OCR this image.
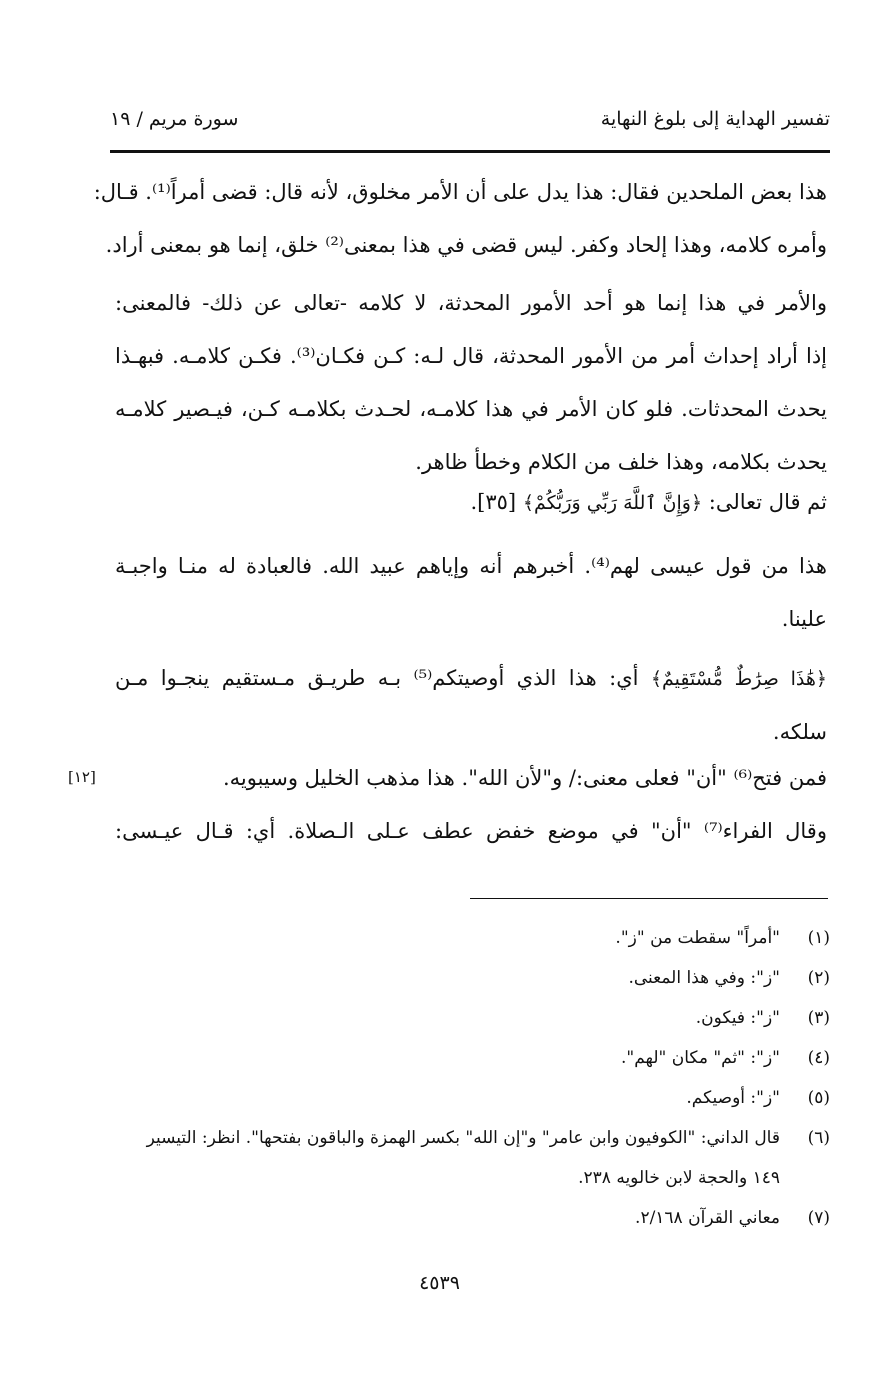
تفسير الهداية إلى بلوغ النهاية
سورة مريم / ١٩
هذا بعض الملحدين فقال: هذا يدل على أن الأمر مخلوق، لأنه قال: قضى أمراً⁽¹⁾. قـال:
وأمره كلامه، وهذا إلحاد وكفر. ليس قضى في هذا بمعنى⁽²⁾ خلق، إنما هو بمعنى أراد.
والأمر في هذا إنما هو أحد الأمور المحدثة، لا كلامه -تعالى عن ذلك- فالمعنى:
إذا أراد إحداث أمر من الأمور المحدثة، قال لـه: كـن فكـان⁽³⁾. فكـن كلامـه. فبهـذا
يحدث المحدثات. فلو كان الأمر في هذا كلامـه، لحـدث بكلامـه كـن، فيـصير كلامـه
يحدث بكلامه، وهذا خلف من الكلام وخطأ ظاهر.
ثم قال تعالى: ﴿وَإِنَّ ٱللَّهَ رَبِّي وَرَبُّكُمْ﴾ [٣٥].
هذا من قول عيسى لهم⁽⁴⁾. أخبرهم أنه وإياهم عبيد الله. فالعبادة له منـا واجبـة
علينا.
﴿هَٰذَا صِرَٰطٌ مُّسْتَقِيمٌ﴾ أي: هذا الذي أوصيتكم⁽⁵⁾ بـه طريـق مـستقيم ينجـوا مـن
سلكه.
فمن فتح⁽⁶⁾ "أن" فعلى معنى:/ و"لأن الله". هذا مذهب الخليل وسيبويه.
وقال الفراء⁽⁷⁾ "أن" في موضع خفض عطف عـلى الـصلاة. أي: قـال عيـسى:
[١٢]
(١)
"أمراً" سقطت من "ز".
(٢)
"ز": وفي هذا المعنى.
(٣)
"ز": فيكون.
(٤)
"ز": "ثم" مكان "لهم".
(٥)
"ز": أوصيكم.
(٦)
قال الداني: "الكوفيون وابن عامر" و"إن الله" بكسر الهمزة والباقون بفتحها". انظر: التيسير
١٤٩ والحجة لابن خالويه ٢٣٨.
(٧)
معاني القرآن ٢/١٦٨.
٤٥٣٩
